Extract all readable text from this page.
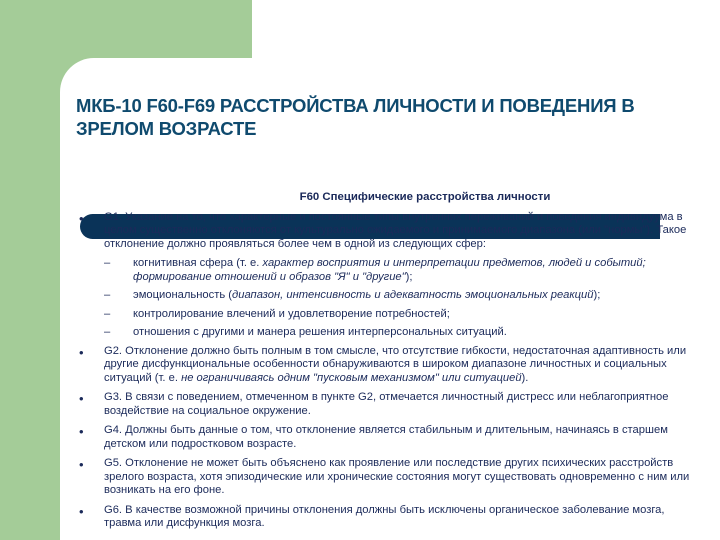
МКБ-10 F60-F69 РАССТРОЙСТВА ЛИЧНОСТИ И ПОВЕДЕНИЯ В ЗРЕЛОМ ВОЗРАСТЕ
F60 Специфические расстройства личности
• G1. Указание на то, что характерные и постоянные типы внутренних переживаний и поведения индивидуума в целом существенно отклоняются от культурально ожидаемого и принимаемого диапазона (или "нормы"). Такое отклонение должно проявляться более чем в одной из следующих сфер:
– когнитивная сфера (т. е. характер восприятия и интерпретации предметов, людей и событий; формирование отношений и образов "Я" и "другие");
– эмоциональность (диапазон, интенсивность и адекватность эмоциональных реакций);
– контролирование влечений и удовлетворение потребностей;
– отношения с другими и манера решения интерперсональных ситуаций.
• G2. Отклонение должно быть полным в том смысле, что отсутствие гибкости, недостаточная адаптивность или другие дисфункциональные особенности обнаруживаются в широком диапазоне личностных и социальных ситуаций (т. е. не ограничиваясь одним "пусковым механизмом" или ситуацией).
• G3. В связи с поведением, отмеченном в пункте G2, отмечается личностный дистресс или неблагоприятное воздействие на социальное окружение.
• G4. Должны быть данные о том, что отклонение является стабильным и длительным, начинаясь в старшем детском или подростковом возрасте.
• G5. Отклонение не может быть объяснено как проявление или последствие других психических расстройств зрелого возраста, хотя эпизодические или хронические состояния могут существовать одновременно с ним или возникать на его фоне.
• G6. В качестве возможной причины отклонения должны быть исключены органическое заболевание мозга, травма или дисфункция мозга.
